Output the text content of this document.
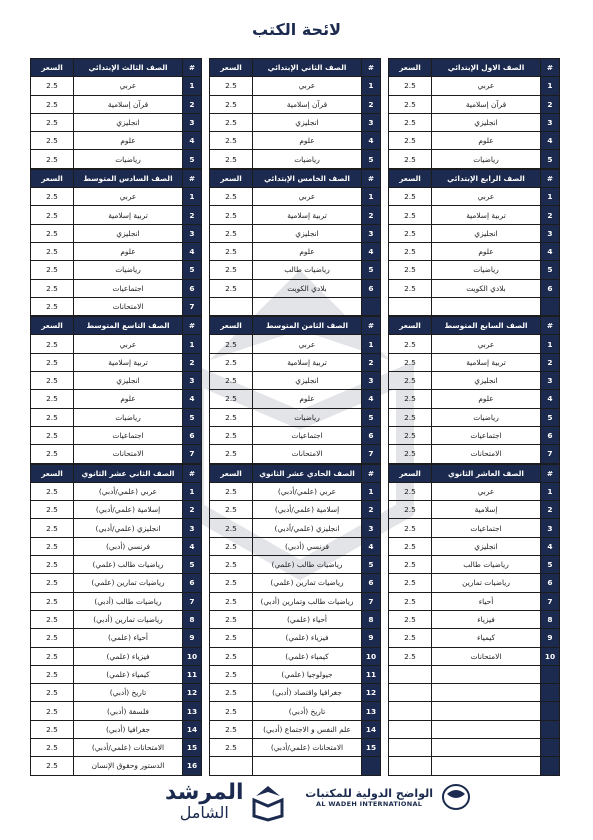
لائحة الكتب
#	الصف الاول الإبتدائي	السعر
1	عربي	2.5
2	قرآن إسلامية	2.5
3	انجليزي	2.5
4	علوم	2.5
5	رياضيات	2.5
#	الصف الثاني الإبتدائي	السعر
1	عربي	2.5
2	قرآن إسلامية	2.5
3	انجليزي	2.5
4	علوم	2.5
5	رياضيات	2.5
#	الصف الثالث الإبتدائي	السعر
1	عربي	2.5
2	قرآن إسلامية	2.5
3	انجليزي	2.5
4	علوم	2.5
5	رياضيات	2.5
#	الصف الرابع الإبتدائي	السعر
1	عربي	2.5
2	تربية إسلامية	2.5
3	انجليزي	2.5
4	علوم	2.5
5	رياضيات	2.5
6	بلادي الكويت	2.5

#	الصف الخامس الإبتدائي	السعر
1	عربي	2.5
2	تربية إسلامية	2.5
3	انجليزي	2.5
4	علوم	2.5
5	رياضيات طالب	2.5
6	بلادي الكويت	2.5

#	الصف السادس المتوسط	السعر
1	عربي	2.5
2	تربية إسلامية	2.5
3	انجليزي	2.5
4	علوم	2.5
5	رياضيات	2.5
6	اجتماعيات	2.5
7	الامتحانات	2.5
#	الصف السابع المتوسط	السعر
1	عربي	2.5
2	تربية إسلامية	2.5
3	انجليزي	2.5
4	علوم	2.5
5	رياضيات	2.5
6	اجتماعيات	2.5
7	الامتحانات	2.5
#	الصف الثامن المتوسط	السعر
1	عربي	2.5
2	تربية إسلامية	2.5
3	انجليزي	2.5
4	علوم	2.5
5	رياضيات	2.5
6	اجتماعيات	2.5
7	الامتحانات	2.5
#	الصف التاسع المتوسط	السعر
1	عربي	2.5
2	تربية إسلامية	2.5
3	انجليزي	2.5
4	علوم	2.5
5	رياضيات	2.5
6	اجتماعيات	2.5
7	الامتحانات	2.5
#	الصف العاشر الثانوي	السعر
1	عربي	2.5
2	إسلامية	2.5
3	اجتماعيات	2.5
4	انجليزي	2.5
5	رياضيات طالب	2.5
6	رياضيات تمارين	2.5
7	أحياء	2.5
8	فيزياء	2.5
9	كيمياء	2.5
10	الامتحانات	2.5

#	الصف الحادي عشر الثانوي	السعر
1	عربي (علمي/أدبي)	2.5
2	إسلامية (علمي/أدبي)	2.5
3	انجليزي (علمي/أدبي)	2.5
4	فرنسي (أدبي)	2.5
5	رياضيات طالب (علمي)	2.5
6	رياضيات تمارين (علمي)	2.5
7	رياضيات طالب وتمارين (أدبي)	2.5
8	أحياء (علمي)	2.5
9	فيزياء (علمي)	2.5
10	كيمياء (علمي)	2.5
11	جيولوجيا (علمي)	2.5
12	جغرافيا واقتصاد (أدبي)	2.5
13	تاريخ (أدبي)	2.5
14	علم النفس و الاجتماع (أدبي)	2.5
15	الامتحانات (علمي/أدبي)	2.5

#	الصف الثاني عشر الثانوي	السعر
1	عربي (علمي/أدبي)	2.5
2	إسلامية (علمي/أدبي)	2.5
3	انجليزي (علمي/أدبي)	2.5
4	فرنسي (أدبي)	2.5
5	رياضيات طالب (علمي)	2.5
6	رياضيات تمارين (علمي)	2.5
7	رياضيات طالب (أدبي)	2.5
8	رياضيات تمارين (أدبي)	2.5
9	أحياء (علمي)	2.5
10	فيزياء (علمي)	2.5
11	كيمياء (علمي)	2.5
12	تاريخ (أدبي)	2.5
13	فلسفة (أدبي)	2.5
14	جغرافيا (أدبي)	2.5
15	الامتحانات (علمي/أدبي)	2.5
16	الدستور وحقوق الإنسان	2.5
الواضح الدولية للمكتبات
AL WADEH INTERNATIONAL
المرشد
الشامل
